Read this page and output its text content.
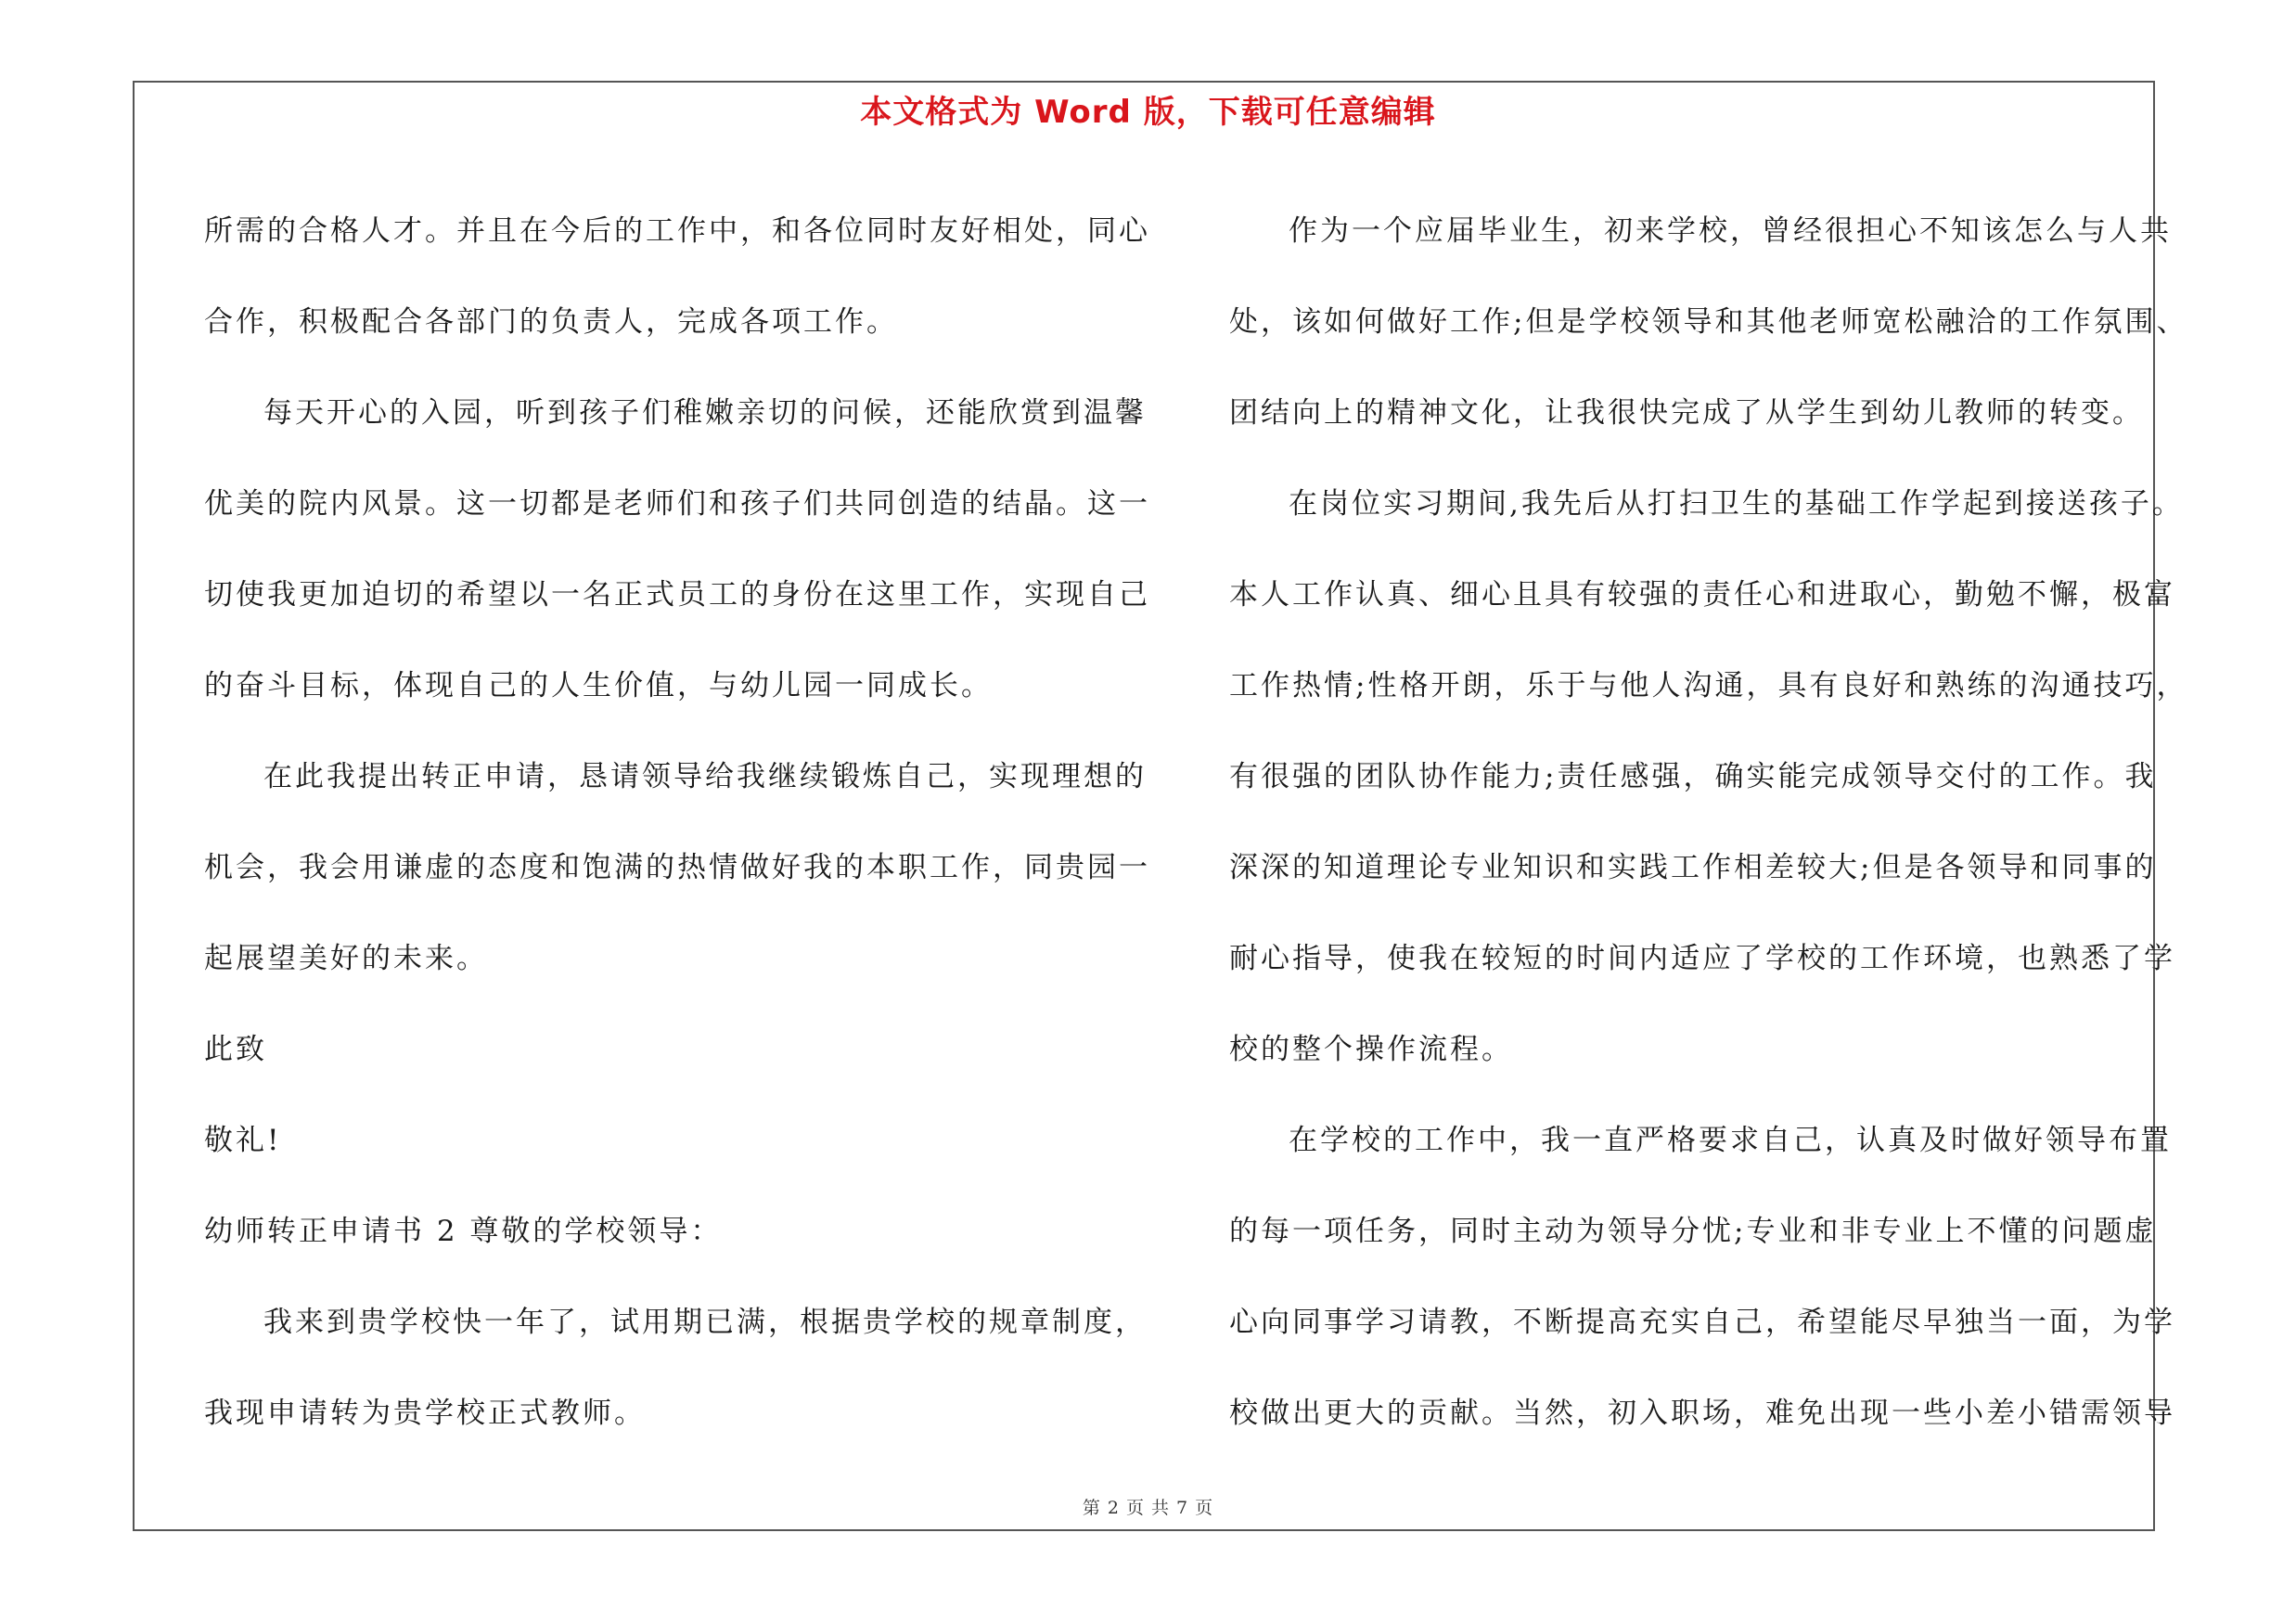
本文格式为 Word 版，下载可任意编辑
所需的合格人才。并且在今后的工作中，和各位同时友好相处，同心
合作，积极配合各部门的负责人，完成各项工作。
每天开心的入园，听到孩子们稚嫩亲切的问候，还能欣赏到温馨
优美的院内风景。这一切都是老师们和孩子们共同创造的结晶。这一
切使我更加迫切的希望以一名正式员工的身份在这里工作，实现自己
的奋斗目标，体现自己的人生价值，与幼儿园一同成长。
在此我提出转正申请，恳请领导给我继续锻炼自己，实现理想的
机会，我会用谦虚的态度和饱满的热情做好我的本职工作，同贵园一
起展望美好的未来。
此致
敬礼!
幼师转正申请书 2 尊敬的学校领导：
我来到贵学校快一年了，试用期已满，根据贵学校的规章制度，
我现申请转为贵学校正式教师。
作为一个应届毕业生，初来学校，曾经很担心不知该怎么与人共
处，该如何做好工作;但是学校领导和其他老师宽松融洽的工作氛围、
团结向上的精神文化，让我很快完成了从学生到幼儿教师的转变。
在岗位实习期间,我先后从打扫卫生的基础工作学起到接送孩子。
本人工作认真、细心且具有较强的责任心和进取心，勤勉不懈，极富
工作热情;性格开朗，乐于与他人沟通，具有良好和熟练的沟通技巧，
有很强的团队协作能力;责任感强，确实能完成领导交付的工作。我
深深的知道理论专业知识和实践工作相差较大;但是各领导和同事的
耐心指导，使我在较短的时间内适应了学校的工作环境，也熟悉了学
校的整个操作流程。
在学校的工作中，我一直严格要求自己，认真及时做好领导布置
的每一项任务，同时主动为领导分忧;专业和非专业上不懂的问题虚
心向同事学习请教，不断提高充实自己，希望能尽早独当一面，为学
校做出更大的贡献。当然，初入职场，难免出现一些小差小错需领导
第 2 页 共 7 页
